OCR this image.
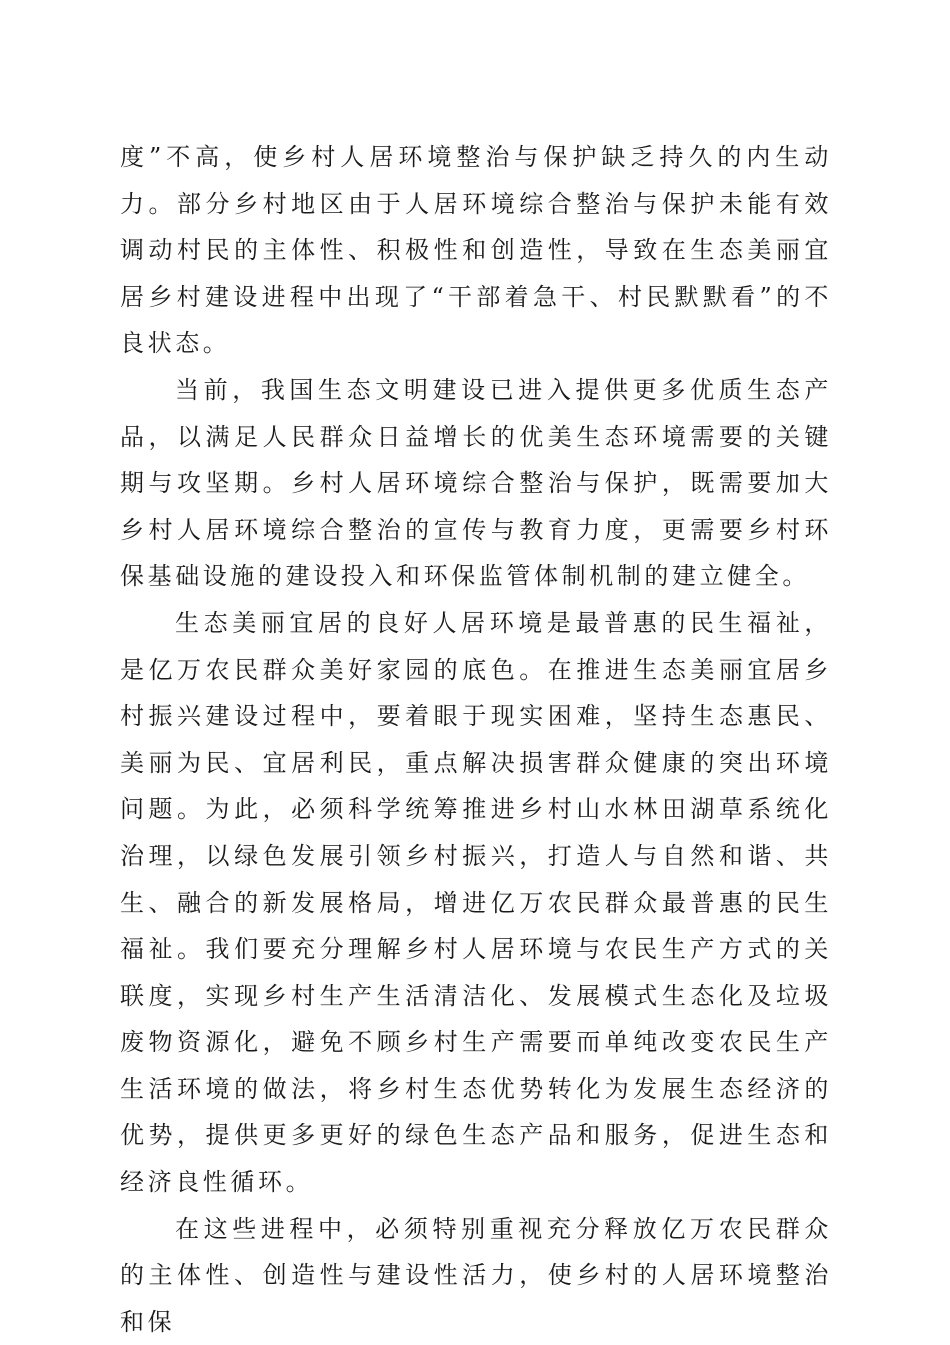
度”不高，使乡村人居环境整治与保护缺乏持久的内生动力。部分乡村地区由于人居环境综合整治与保护未能有效调动村民的主体性、积极性和创造性，导致在生态美丽宜居乡村建设进程中出现了“干部着急干、村民默默看”的不良状态。

当前，我国生态文明建设已进入提供更多优质生态产品，以满足人民群众日益增长的优美生态环境需要的关键期与攻坚期。乡村人居环境综合整治与保护，既需要加大乡村人居环境综合整治的宣传与教育力度，更需要乡村环保基础设施的建设投入和环保监管体制机制的建立健全。

生态美丽宜居的良好人居环境是最普惠的民生福祉，是亿万农民群众美好家园的底色。在推进生态美丽宜居乡村振兴建设过程中，要着眼于现实困难，坚持生态惠民、美丽为民、宜居利民，重点解决损害群众健康的突出环境问题。为此，必须科学统筹推进乡村山水林田湖草系统化治理，以绿色发展引领乡村振兴，打造人与自然和谐、共生、融合的新发展格局，增进亿万农民群众最普惠的民生福祉。我们要充分理解乡村人居环境与农民生产方式的关联度，实现乡村生产生活清洁化、发展模式生态化及垃圾废物资源化，避免不顾乡村生产需要而单纯改变农民生产生活环境的做法，将乡村生态优势转化为发展生态经济的优势，提供更多更好的绿色生态产品和服务，促进生态和经济良性循环。

在这些进程中，必须特别重视充分释放亿万农民群众的主体性、创造性与建设性活力，使乡村的人居环境整治和保
